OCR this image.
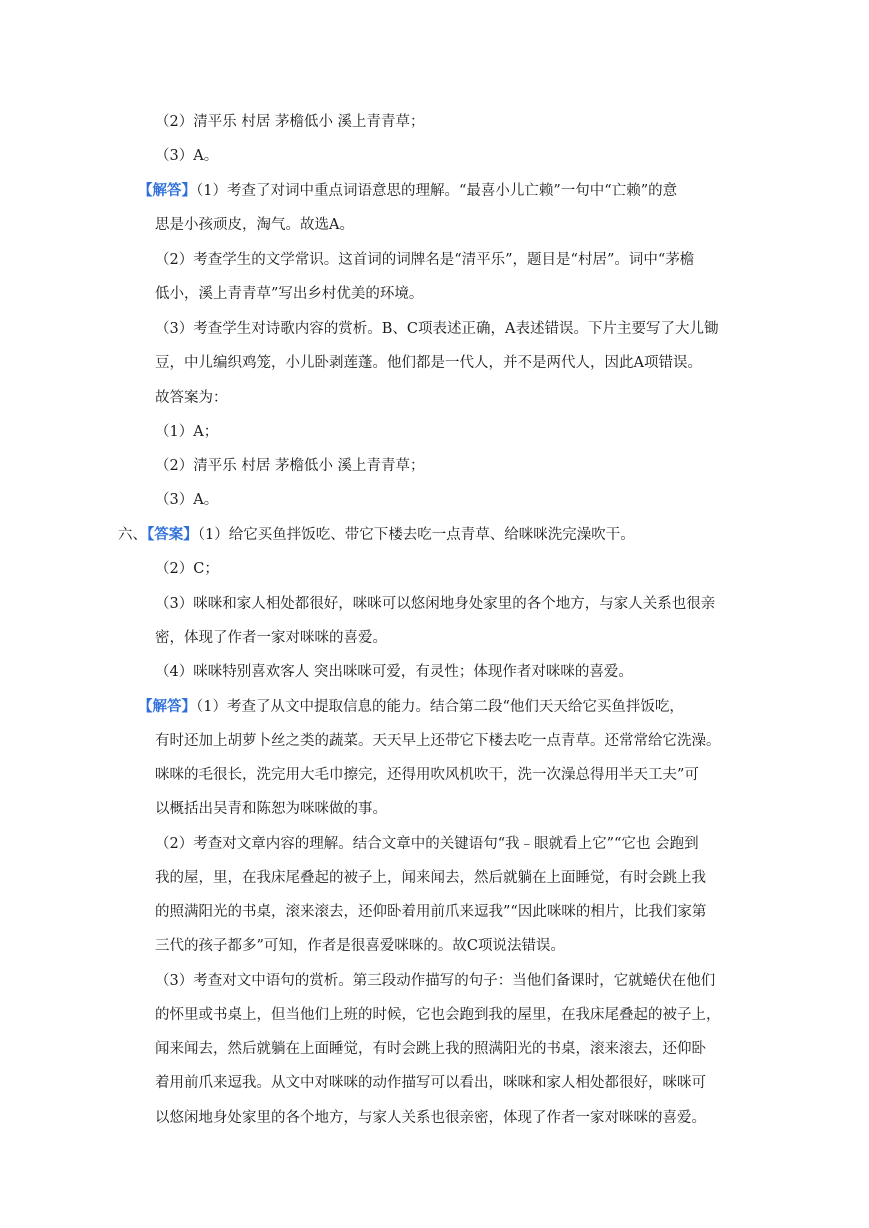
（2）清平乐 村居 茅檐低小 溪上青青草；
（3）A。
【解答】（1）考查了对词中重点词语意思的理解。“最喜小儿亡赖”一句中“亡赖”的意
思是小孩顽皮，淘气。故选A。
（2）考查学生的文学常识。这首词的词牌名是“清平乐”，题目是“村居”。词中“茅檐
低小，溪上青青草”写出乡村优美的环境。
（3）考查学生对诗歌内容的赏析。B、C项表述正确，A表述错误。下片主要写了大儿锄
豆，中儿编织鸡笼，小儿卧剥莲蓬。他们都是一代人，并不是两代人，因此A项错误。
故答案为：
（1）A；
（2）清平乐 村居 茅檐低小 溪上青青草；
（3）A。
六、【答案】（1）给它买鱼拌饭吃、带它下楼去吃一点青草、给咪咪洗完澡吹干。
（2）C；
（3）咪咪和家人相处都很好，咪咪可以悠闲地身处家里的各个地方，与家人关系也很亲
密，体现了作者一家对咪咪的喜爱。
（4）咪咪特别喜欢客人 突出咪咪可爱，有灵性；体现作者对咪咪的喜爱。
【解答】（1）考查了从文中提取信息的能力。结合第二段“他们天天给它买鱼拌饭吃，
有时还加上胡萝卜丝之类的蔬菜。天天早上还带它下楼去吃一点青草。还常常给它洗澡。
咪咪的毛很长，洗完用大毛巾擦完，还得用吹风机吹干，洗一次澡总得用半天工夫”可
以概括出吴青和陈恕为咪咪做的事。
（2）考查对文章内容的理解。结合文章中的关键语句“我﹣眼就看上它”“它也 会跑到
我的屋，里，在我床尾叠起的被子上，闻来闻去，然后就躺在上面睡觉，有时会跳上我
的照满阳光的书桌，滚来滚去，还仰卧着用前爪来逗我”“因此咪咪的相片，比我们家第
三代的孩子都多”可知，作者是很喜爱咪咪的。故C项说法错误。
（3）考查对文中语句的赏析。第三段动作描写的句子：当他们备课时，它就蜷伏在他们
的怀里或书桌上，但当他们上班的时候，它也会跑到我的屋里，在我床尾叠起的被子上，
闻来闻去，然后就躺在上面睡觉，有时会跳上我的照满阳光的书桌，滚来滚去，还仰卧
着用前爪来逗我。从文中对咪咪的动作描写可以看出，咪咪和家人相处都很好，咪咪可
以悠闲地身处家里的各个地方，与家人关系也很亲密，体现了作者一家对咪咪的喜爱。
